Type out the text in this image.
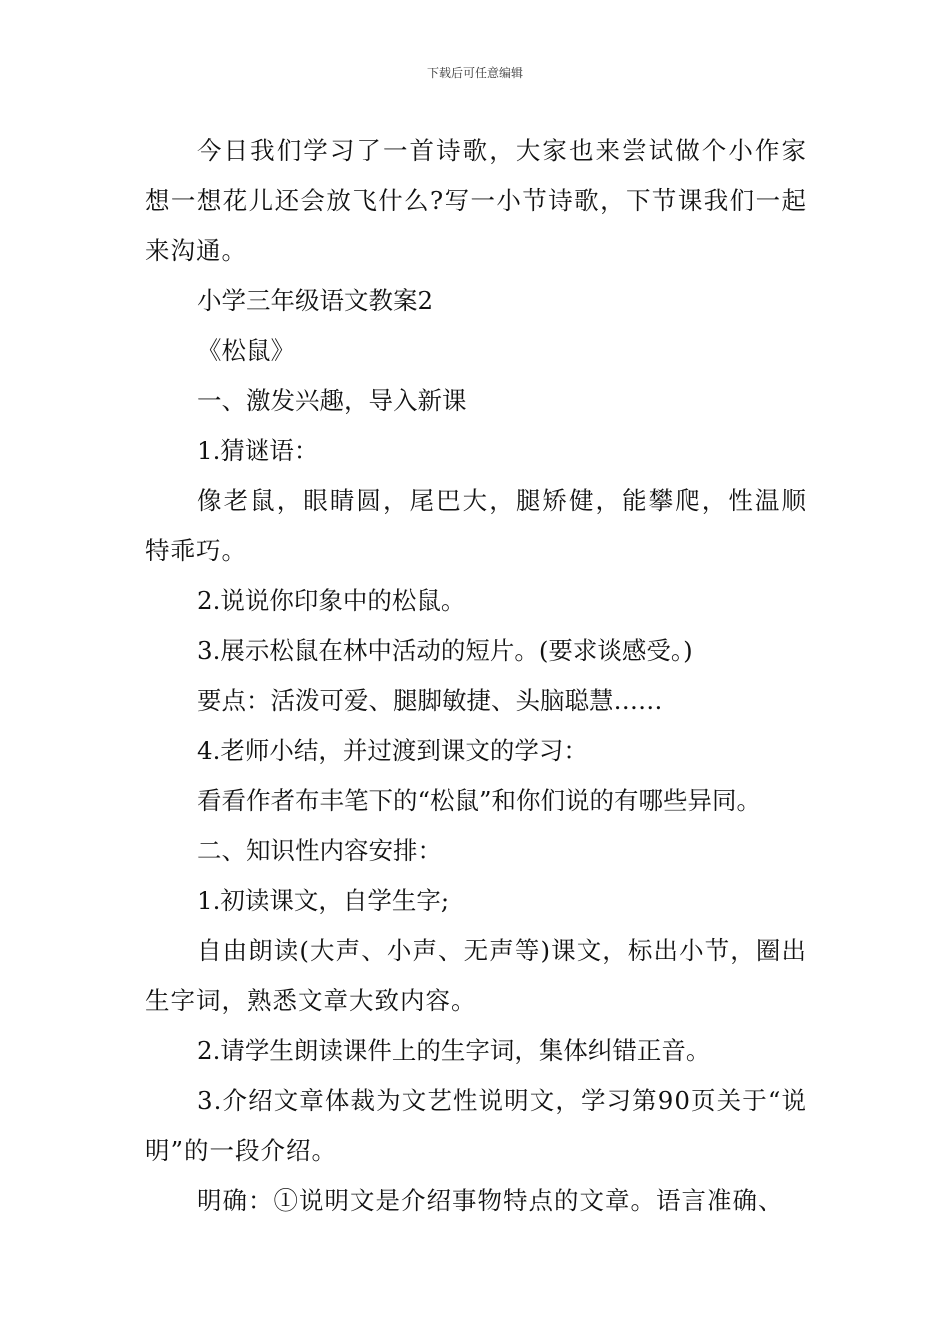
下载后可任意编辑

今日我们学习了一首诗歌，大家也来尝试做个小作家想一想花儿还会放飞什么?写一小节诗歌，下节课我们一起来沟通。

小学三年级语文教案2

《松鼠》

一、激发兴趣，导入新课

1.猜谜语：

像老鼠，眼睛圆，尾巴大，腿矫健，能攀爬，性温顺特乖巧。

2.说说你印象中的松鼠。

3.展示松鼠在林中活动的短片。(要求谈感受。)

要点：活泼可爱、腿脚敏捷、头脑聪慧……

4.老师小结，并过渡到课文的学习：

看看作者布丰笔下的“松鼠”和你们说的有哪些异同。

二、知识性内容安排：

1.初读课文，自学生字;

自由朗读(大声、小声、无声等)课文，标出小节，圈出生字词，熟悉文章大致内容。

2.请学生朗读课件上的生字词，集体纠错正音。

3.介绍文章体裁为文艺性说明文，学习第90页关于“说明”的一段介绍。

明确：①说明文是介绍事物特点的文章。语言准确、
